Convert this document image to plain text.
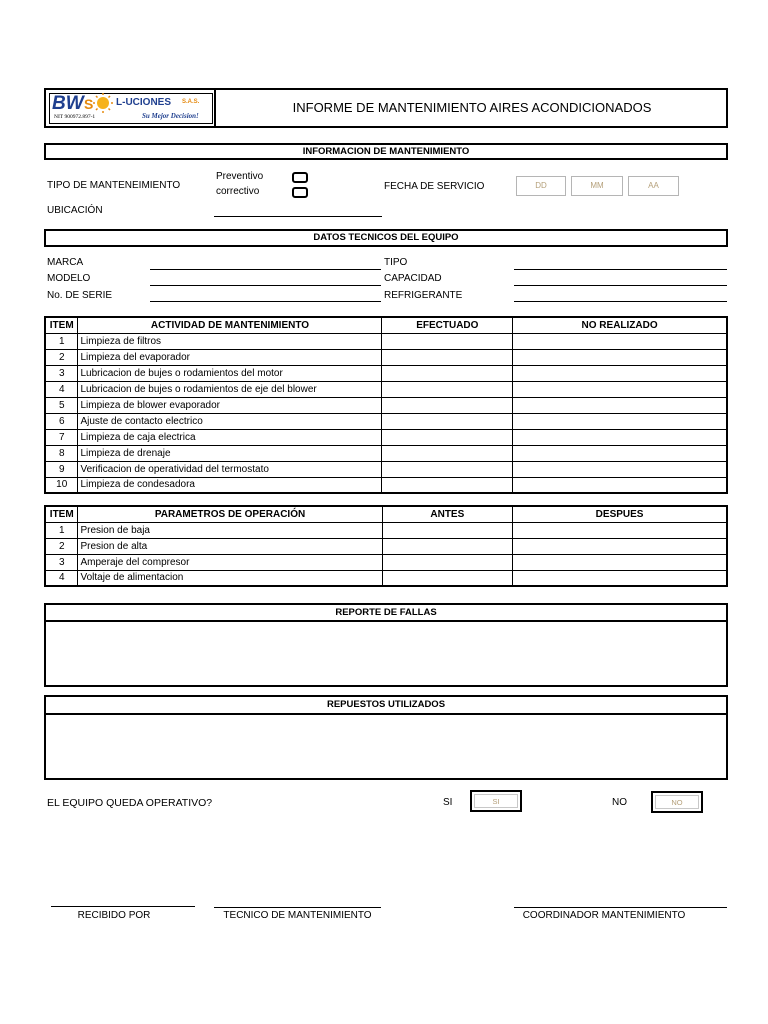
BW S L-UCIONES S.A.S.
NIT 900972.897-1	Su Mejor Decision!
INFORME DE MANTENIMIENTO AIRES ACONDICIONADOS
INFORMACION DE MANTENIMIENTO
TIPO DE MANTENEIMIENTO
Preventivo
correctivo	FECHA DE SERVICIO	DD	MM	AA
UBICACIÓN
DATOS TECNICOS DEL EQUIPO
MARCA
MODELO
No. DE SERIE
TIPO
CAPACIDAD
REFRIGERANTE
ITEM	ACTIVIDAD DE MANTENIMIENTO	EFECTUADO	NO REALIZADO
1	Limpieza de filtros		
2	Limpieza del evaporador		
3	Lubricacion de bujes o rodamientos del motor		
4	Lubricacion de bujes o rodamientos de eje del blower		
5	Limpieza de blower evaporador		
6	Ajuste de contacto electrico		
7	Limpieza de caja electrica		
8	Limpieza de drenaje		
9	Verificacion de operatividad del termostato		
10	Limpieza de condesadora		
ITEM	PARAMETROS DE OPERACIÓN	ANTES	DESPUES
1	Presion de baja		
2	Presion de alta		
3	Amperaje del compresor		
4	Voltaje de alimentacion		
REPORTE DE FALLAS
REPUESTOS UTILIZADOS
EL EQUIPO QUEDA OPERATIVO?	SI	SI	NO	NO
RECIBIDO POR	TECNICO DE MANTENIMIENTO	COORDINADOR MANTENIMIENTO
